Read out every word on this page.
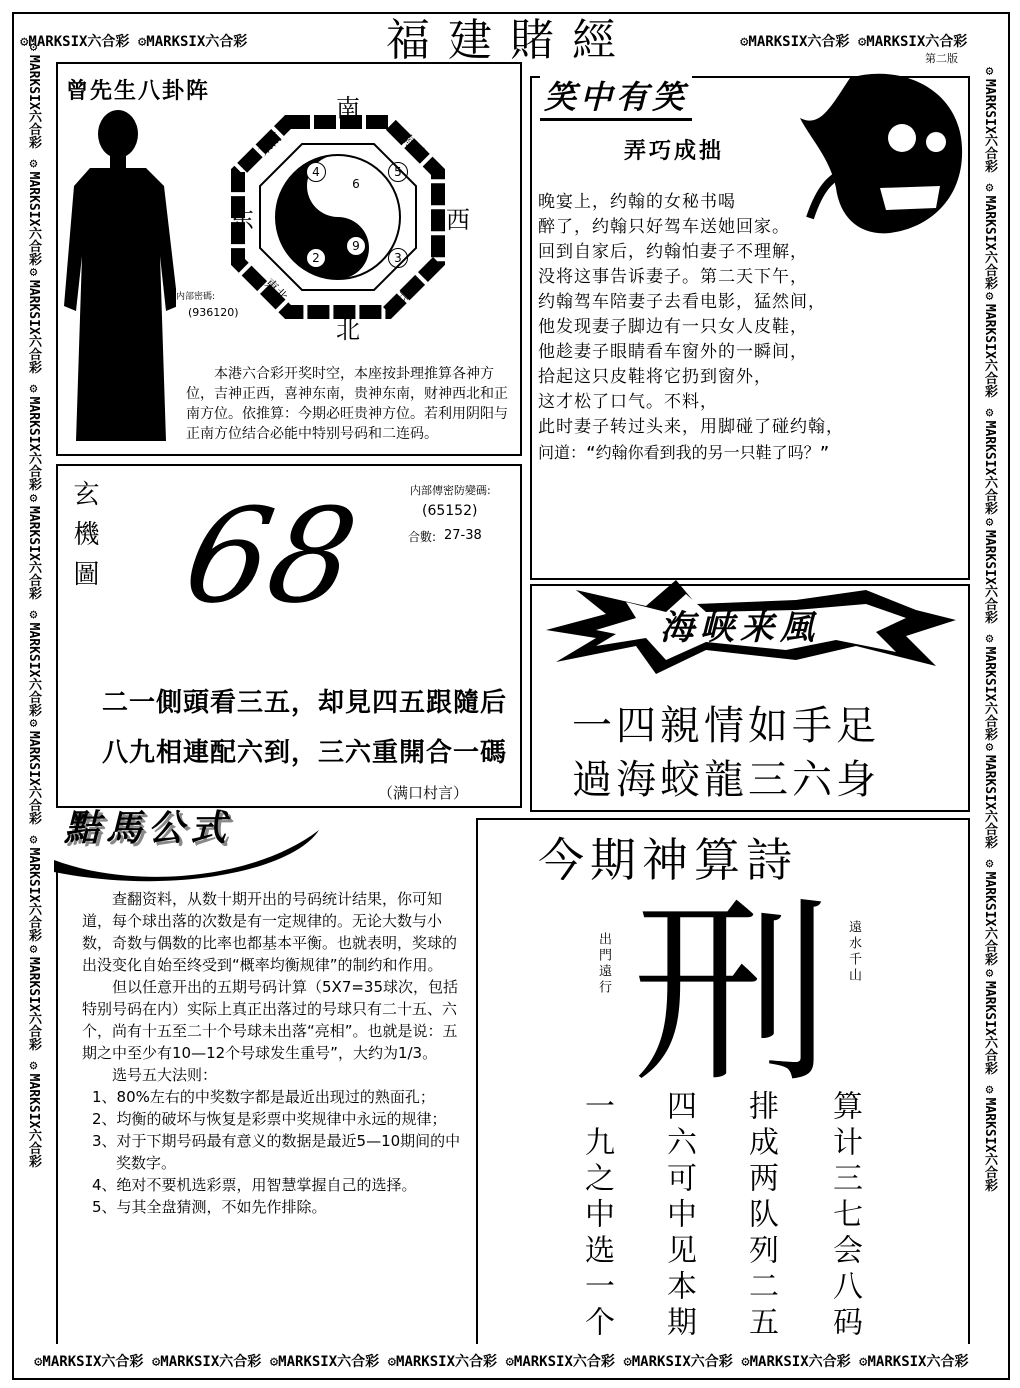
福建賭經
⚙MARKSIX六合彩 ⚙MARKSIX六合彩	⚙MARKSIX六合彩 ⚙MARKSIX六合彩
第二版
⚙MARKSIX六合彩 ⚙MARKSIX六合彩
⚙MARKSIX六合彩 ⚙MARKSIX六合彩
⚙MARKSIX六合彩 ⚙MARKSIX六合彩
⚙MARKSIX六合彩 ⚙MARKSIX六合彩
⚙MARKSIX六合彩 ⚙MARKSIX六合彩
⚙MARKSIX六合彩 ⚙MARKSIX六合彩
⚙MARKSIX六合彩 ⚙MARKSIX六合彩
⚙MARKSIX六合彩 ⚙MARKSIX六合彩
⚙MARKSIX六合彩 ⚙MARKSIX六合彩
⚙MARKSIX六合彩 ⚙MARKSIX六合彩
⚙MARKSIX六合彩 ⚙MARKSIX六合彩 ⚙MARKSIX六合彩 ⚙MARKSIX六合彩 ⚙MARKSIX六合彩 ⚙MARKSIX六合彩 ⚙MARKSIX六合彩 ⚙MARKSIX六合彩
曾先生八卦阵
南
北
东	西
東南	南西
東北	北西
4
6
5
2
9
3
内部密碼:
(936120)
本港六合彩开奖时空，本座按卦理推算各神方位，吉神正西，喜神东南，贵神东南，财神西北和正南方位。依推算：今期必旺贵神方位。若利用阴阳与正南方位结合必能中特别号码和二连码。
笑中有笑
弄巧成拙
晚宴上，约翰的女秘书喝
醉了，约翰只好驾车送她回家。
回到自家后，约翰怕妻子不理解，
没将这事告诉妻子。第二天下午，
约翰驾车陪妻子去看电影，猛然间，
他发现妻子脚边有一只女人皮鞋，
他趁妻子眼睛看车窗外的一瞬间，
拾起这只皮鞋将它扔到窗外，
这才松了口气。不料，
此时妻子转过头来，用脚碰了碰约翰，
问道：“约翰你看到我的另一只鞋了吗？”
玄機圖 68	内部傳密防變碼:
(65152)
合數: 27-38
二一側頭看三五，却見四五跟隨后
八九相連配六到，三六重開合一碼
（满口村言）
海峡来風
一四親情如手足
過海蛟龍三六身
黠馬公式
查翻资料，从数十期开出的号码统计结果，你可知道，每个球出落的次数是有一定规律的。无论大数与小数，奇数与偶数的比率也都基本平衡。也就表明，奖球的出没变化自始至终受到“概率均衡规律”的制约和作用。
但以任意开出的五期号码计算（5X7=35球次，包括特别号码在内）实际上真正出落过的号球只有二十五、六个，尚有十五至二十个号球未出落“亮相”。也就是说：五期之中至少有10—12个号球发生重号”，大约为1/3。
选号五大法则：
1、80%左右的中奖数字都是最近出现过的熟面孔；
2、均衡的破坏与恢复是彩票中奖规律中永远的规律；
3、对于下期号码最有意义的数据是最近5—10期间的中奖数字。
4、绝对不要机选彩票，用智慧掌握自己的选择。
5、与其全盘猜测，不如先作排除。
今期神算詩
刑
出門遠行	遠水千山
算计三七会八码
排成两队列二五
四六可中见本期
一九之中选一个
